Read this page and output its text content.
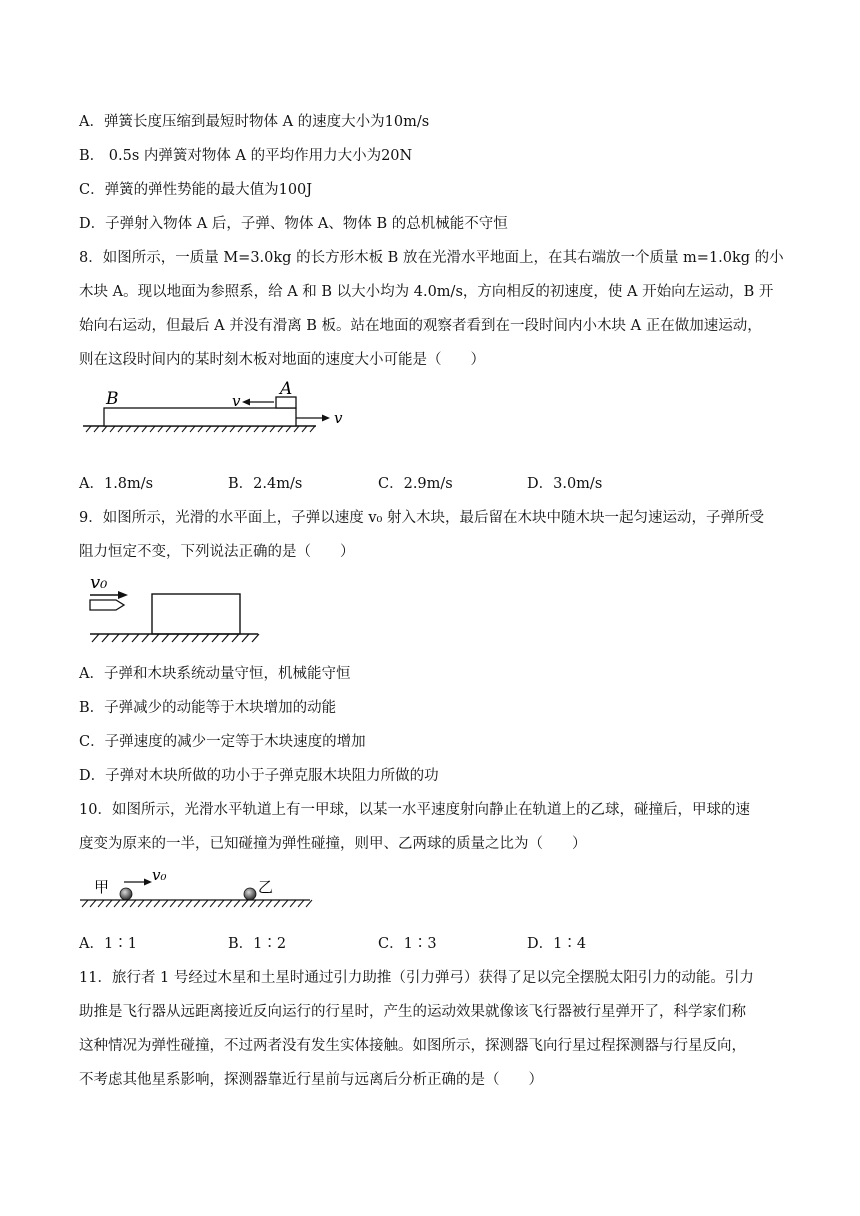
A．弹簧长度压缩到最短时物体 A 的速度大小为10m/s
B． 0.5s 内弹簧对物体 A 的平均作用力大小为20N
C．弹簧的弹性势能的最大值为100J
D．子弹射入物体 A 后，子弹、物体 A、物体 B 的总机械能不守恒
8．如图所示，一质量 M=3.0kg 的长方形木板 B 放在光滑水平地面上，在其右端放一个质量 m=1.0kg 的小
木块 A。现以地面为参照系，给 A 和 B 以大小均为 4.0m/s，方向相反的初速度，使 A 开始向左运动，B 开
始向右运动，但最后 A 并没有滑离 B 板。站在地面的观察者看到在一段时间内小木块 A 正在做加速运动，
则在这段时间内的某时刻木板对地面的速度大小可能是（　　）
B	A
v
v
A．1.8m/s	B．2.4m/s	C．2.9m/s	D．3.0m/s
9．如图所示，光滑的水平面上，子弹以速度 v₀ 射入木块，最后留在木块中随木块一起匀速运动，子弹所受
阻力恒定不变，下列说法正确的是（　　）
v₀
A．子弹和木块系统动量守恒，机械能守恒
B．子弹减少的动能等于木块增加的动能
C．子弹速度的减少一定等于木块速度的增加
D．子弹对木块所做的功小于子弹克服木块阻力所做的功
10．如图所示，光滑水平轨道上有一甲球，以某一水平速度射向静止在轨道上的乙球，碰撞后，甲球的速
度变为原来的一半，已知碰撞为弹性碰撞，则甲、乙两球的质量之比为（　　）
甲
v₀
乙
A．1∶1	B．1∶2	C．1∶3	D．1∶4
11．旅行者 1 号经过木星和土星时通过引力助推（引力弹弓）获得了足以完全摆脱太阳引力的动能。引力
助推是飞行器从远距离接近反向运行的行星时，产生的运动效果就像该飞行器被行星弹开了，科学家们称
这种情况为弹性碰撞，不过两者没有发生实体接触。如图所示，探测器飞向行星过程探测器与行星反向，
不考虑其他星系影响，探测器靠近行星前与远离后分析正确的是（　　）
